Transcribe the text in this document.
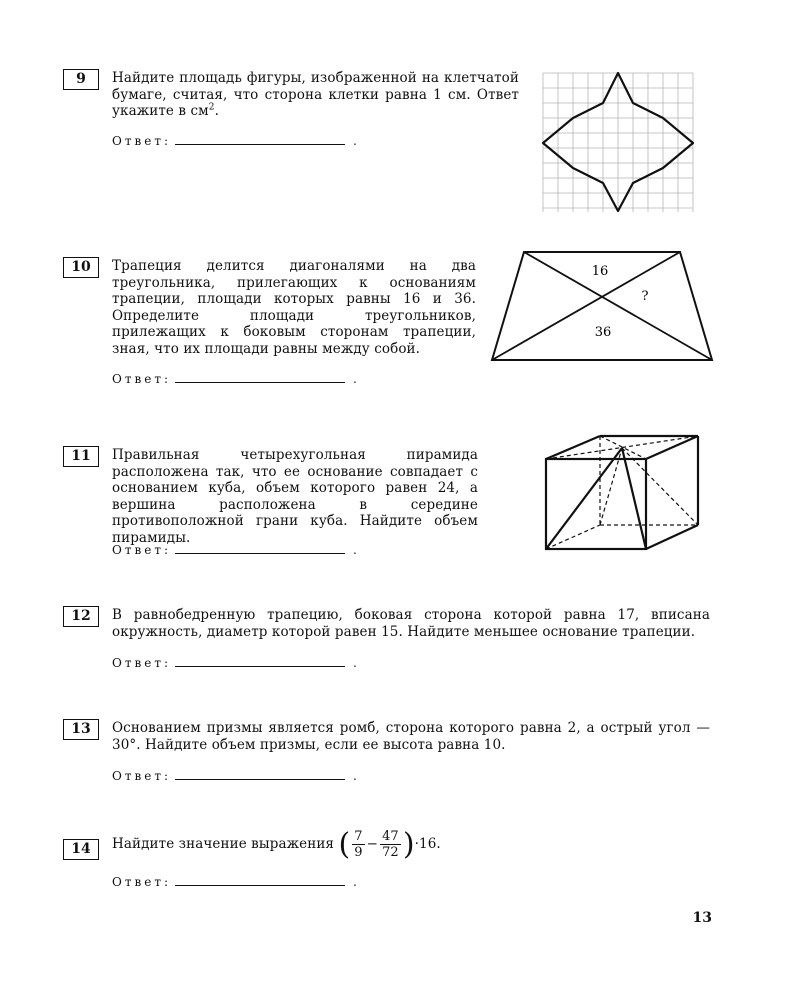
9	Найдите площадь фигуры, изображенной на клетчатой бумаге, считая, что сторона клетки равна 1 см. Ответ укажите в $см^2$.
Ответ:	.
10	Трапеция делится диагоналями на два треугольника, прилегающих к основаниям трапеции, площади которых равны 16 и 36. Определите площади треугольников, прилежащих к боковым сторонам трапеции, зная, что их площади равны между собой.
Ответ:	.
16
?
36
11	Правильная четырехугольная пирамида расположена так, что ее основание совпадает с основанием куба, объем которого равен 24, а вершина расположена в середине противоположной грани куба. Найдите объем пирамиды.
Ответ:	.
12	В равнобедренную трапецию, боковая сторона которой равна 17, вписана окружность, диаметр которой равен 15. Найдите меньшее основание трапеции.
Ответ:	.
13	Основанием призмы является ромб, сторона которого равна 2, а острый угол — 30°. Найдите объем призмы, если ее высота равна 10.
Ответ:	.
14	Найдите значение выражения
( $\frac{7}{9} - \frac{47}{72}$ ) ·16.
Ответ:	.
13
